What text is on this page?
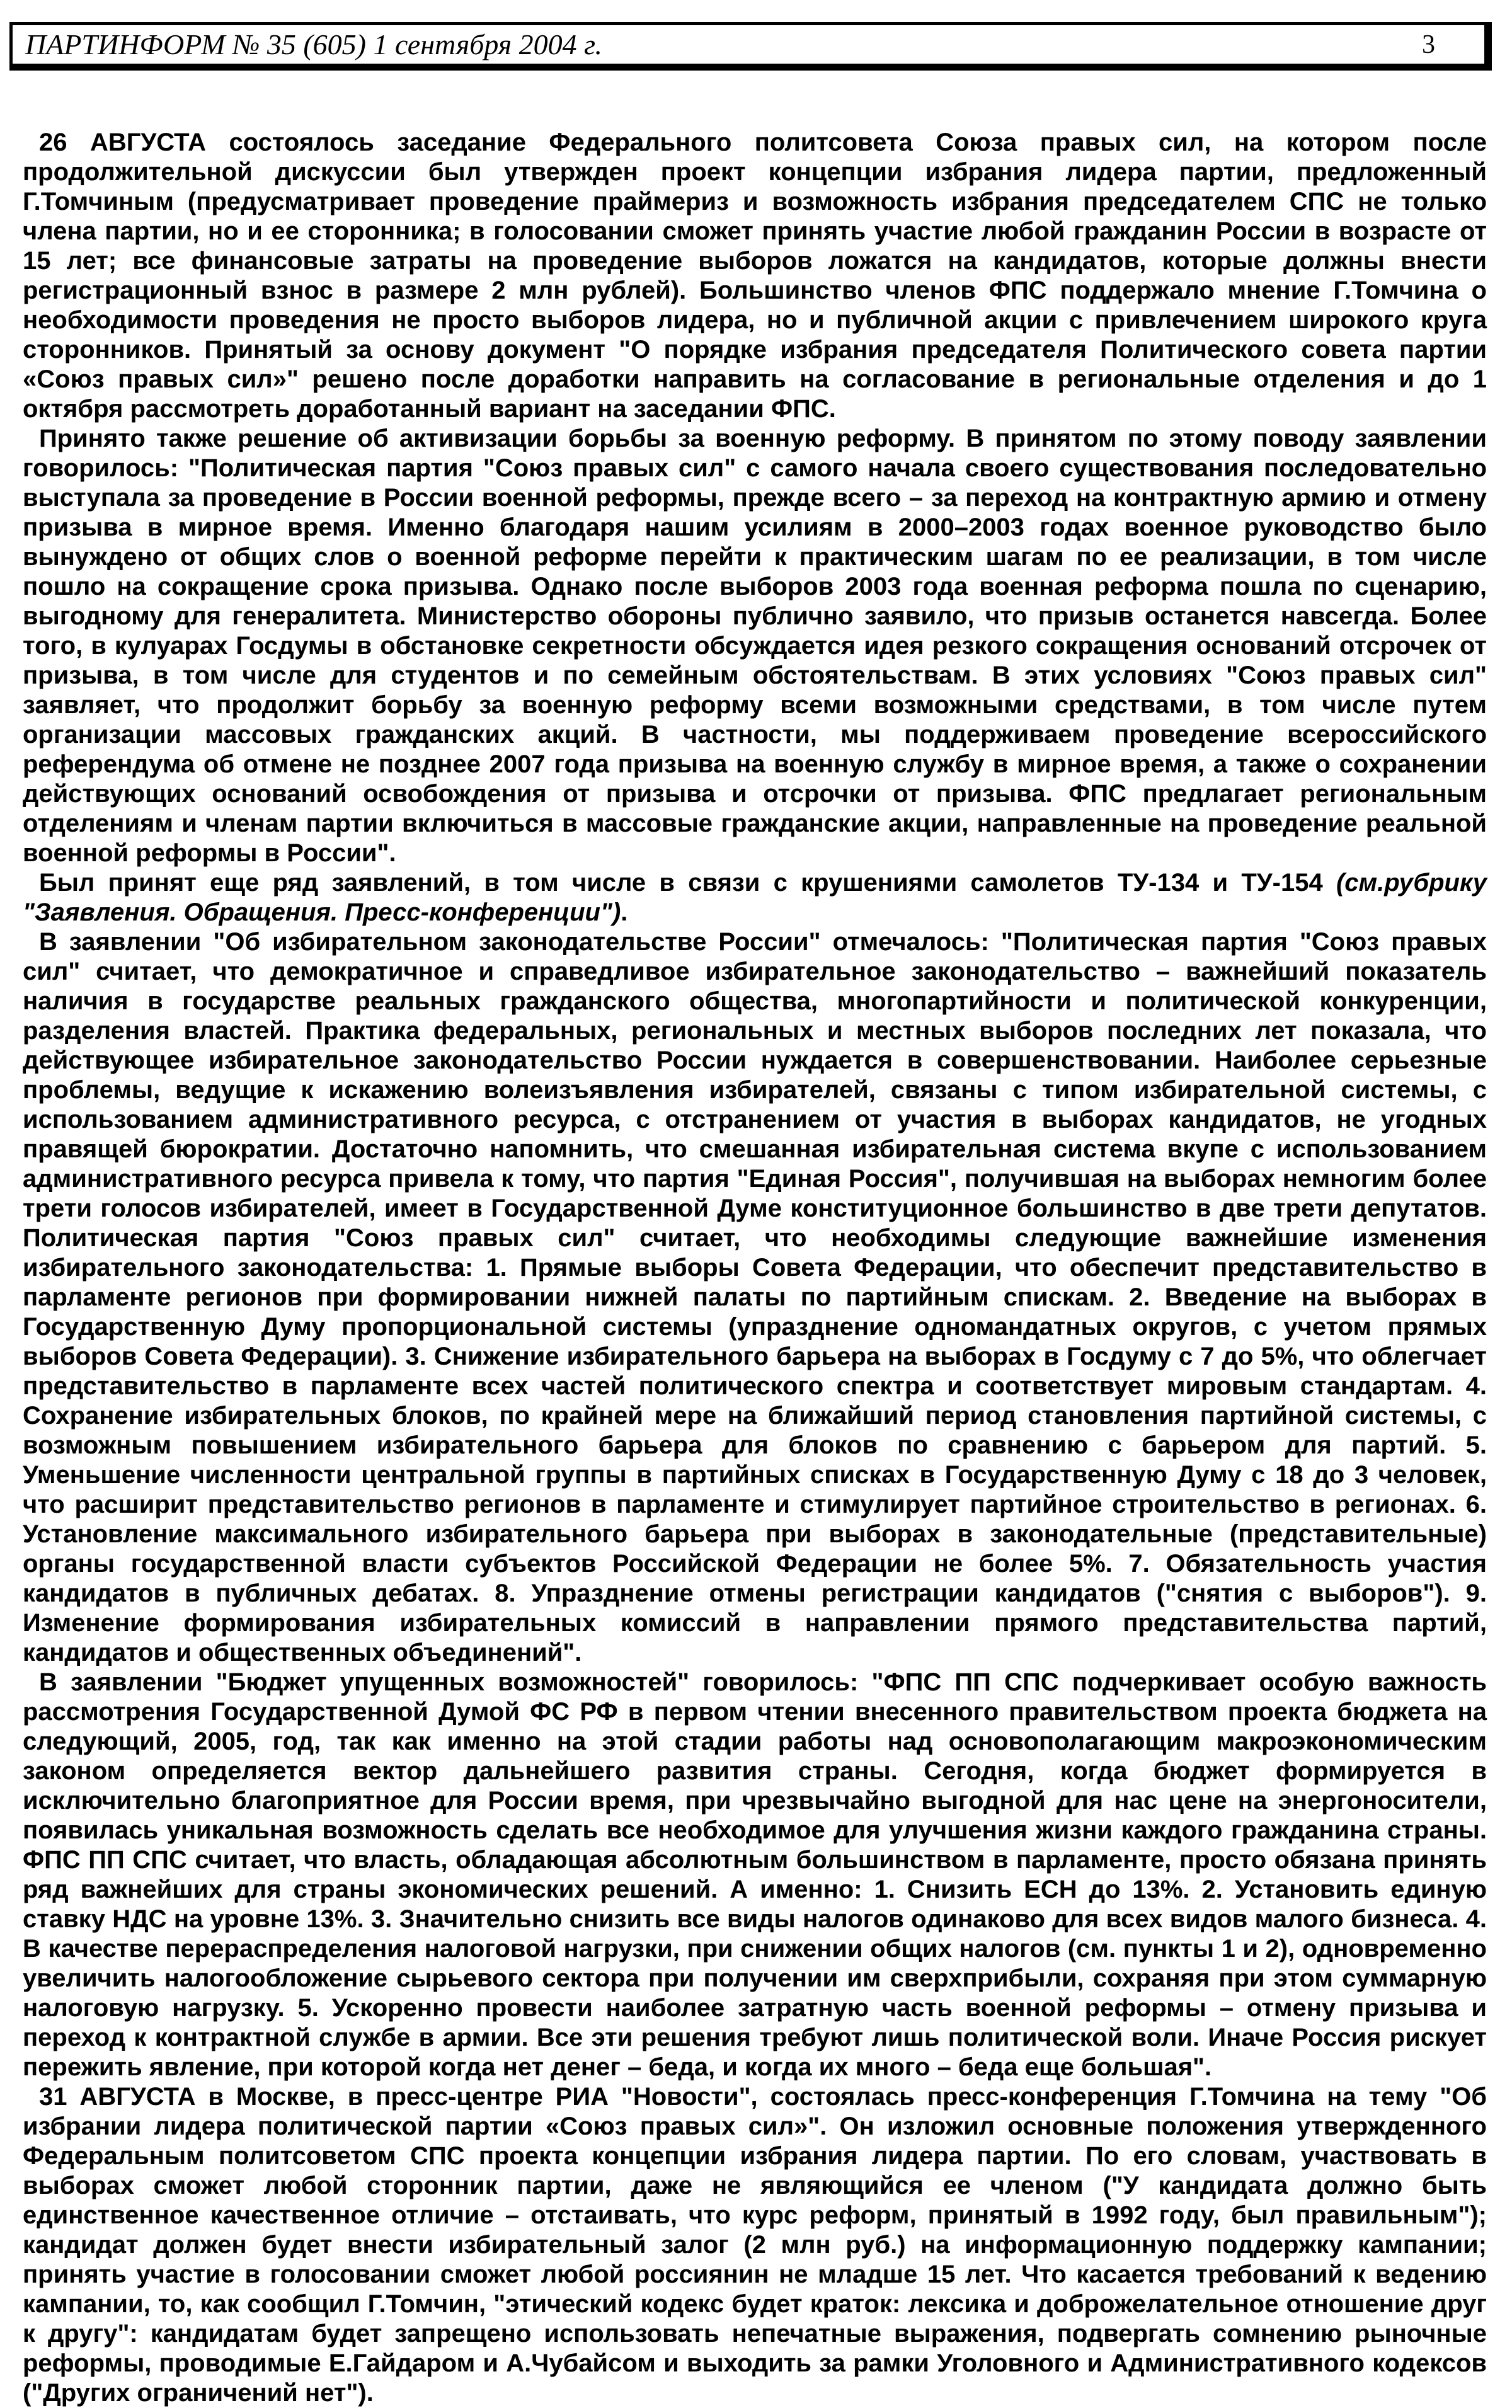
ПАРТИНФОРМ № 35 (605) 1 сентября 2004 г.	3

26 АВГУСТА состоялось заседание Федерального политсовета Союза правых сил, на котором после продолжительной дискуссии был утвержден проект концепции избрания лидера партии, предложенный Г.Томчиным (предусматривает проведение праймериз и возможность избрания председателем СПС не только члена партии, но и ее сторонника; в голосовании сможет принять участие любой гражданин России в возрасте от 15 лет; все финансовые затраты на проведение выборов ложатся на кандидатов, которые должны внести регистрационный взнос в размере 2 млн рублей). Большинство членов ФПС поддержало мнение Г.Томчина о необходимости проведения не просто выборов лидера, но и публичной акции с привлечением широкого круга сторонников. Принятый за основу документ "О порядке избрания председателя Политического совета партии «Союз правых сил»" решено после доработки направить на согласование в региональные отделения и до 1 октября рассмотреть доработанный вариант на заседании ФПС.

Принято также решение об активизации борьбы за военную реформу. В принятом по этому поводу заявлении говорилось: "Политическая партия "Союз правых сил" с самого начала своего существования последовательно выступала за проведение в России военной реформы, прежде всего – за переход на контрактную армию и отмену призыва в мирное время. Именно благодаря нашим усилиям в 2000–2003 годах военное руководство было вынуждено от общих слов о военной реформе перейти к практическим шагам по ее реализации, в том числе пошло на сокращение срока призыва. Однако после выборов 2003 года военная реформа пошла по сценарию, выгодному для генералитета. Министерство обороны публично заявило, что призыв останется навсегда. Более того, в кулуарах Госдумы в обстановке секретности обсуждается идея резкого сокращения оснований отсрочек от призыва, в том числе для студентов и по семейным обстоятельствам. В этих условиях "Союз правых сил" заявляет, что продолжит борьбу за военную реформу всеми возможными средствами, в том числе путем организации массовых гражданских акций. В частности, мы поддерживаем проведение всероссийского референдума об отмене не позднее 2007 года призыва на военную службу в мирное время, а также о сохранении действующих оснований освобождения от призыва и отсрочки от призыва. ФПС предлагает региональным отделениям и членам партии включиться в массовые гражданские акции, направленные на проведение реальной военной реформы в России".

Был принят еще ряд заявлений, в том числе в связи с крушениями самолетов ТУ-134 и ТУ-154 (см.рубрику "Заявления. Обращения. Пресс-конференции").

В заявлении "Об избирательном законодательстве России" отмечалось: "Политическая партия "Союз правых сил" считает, что демократичное и справедливое избирательное законодательство – важнейший показатель наличия в государстве реальных гражданского общества, многопартийности и политической конкуренции, разделения властей. Практика федеральных, региональных и местных выборов последних лет показала, что действующее избирательное законодательство России нуждается в совершенствовании. Наиболее серьезные проблемы, ведущие к искажению волеизъявления избирателей, связаны с типом избирательной системы, с использованием административного ресурса, с отстранением от участия в выборах кандидатов, не угодных правящей бюрократии. Достаточно напомнить, что смешанная избирательная система вкупе с использованием административного ресурса привела к тому, что партия "Единая Россия", получившая на выборах немногим более трети голосов избирателей, имеет в Государственной Думе конституционное большинство в две трети депутатов. Политическая партия "Союз правых сил" считает, что необходимы следующие важнейшие изменения избирательного законодательства: 1. Прямые выборы Совета Федерации, что обеспечит представительство в парламенте регионов при формировании нижней палаты по партийным спискам. 2. Введение на выборах в Государственную Думу пропорциональной системы (упразднение одномандатных округов, с учетом прямых выборов Совета Федерации). 3. Снижение избирательного барьера на выборах в Госдуму с 7 до 5%, что облегчает представительство в парламенте всех частей политического спектра и соответствует мировым стандартам. 4. Сохранение избирательных блоков, по крайней мере на ближайший период становления партийной системы, с возможным повышением избирательного барьера для блоков по сравнению с барьером для партий. 5. Уменьшение численности центральной группы в партийных списках в Государственную Думу с 18 до 3 человек, что расширит представительство регионов в парламенте и стимулирует партийное строительство в регионах. 6. Установление максимального избирательного барьера при выборах в законодательные (представительные) органы государственной власти субъектов Российской Федерации не более 5%. 7. Обязательность участия кандидатов в публичных дебатах. 8. Упразднение отмены регистрации кандидатов ("снятия с выборов"). 9. Изменение формирования избирательных комиссий в направлении прямого представительства партий, кандидатов и общественных объединений".

В заявлении "Бюджет упущенных возможностей" говорилось: "ФПС ПП СПС подчеркивает особую важность рассмотрения Государственной Думой ФС РФ в первом чтении внесенного правительством проекта бюджета на следующий, 2005, год, так как именно на этой стадии работы над основополагающим макроэкономическим законом определяется вектор дальнейшего развития страны. Сегодня, когда бюджет формируется в исключительно благоприятное для России время, при чрезвычайно выгодной для нас цене на энергоносители, появилась уникальная возможность сделать все необходимое для улучшения жизни каждого гражданина страны. ФПС ПП СПС считает, что власть, обладающая абсолютным большинством в парламенте, просто обязана принять ряд важнейших для страны экономических решений. А именно: 1. Снизить ЕСН до 13%. 2. Установить единую ставку НДС на уровне 13%. 3. Значительно снизить все виды налогов одинаково для всех видов малого бизнеса. 4. В качестве перераспределения налоговой нагрузки, при снижении общих налогов (см. пункты 1 и 2), одновременно увеличить налогообложение сырьевого сектора при получении им сверхприбыли, сохраняя при этом суммарную налоговую нагрузку. 5. Ускоренно провести наиболее затратную часть военной реформы – отмену призыва и переход к контрактной службе в армии. Все эти решения требуют лишь политической воли. Иначе Россия рискует пережить явление, при которой когда нет денег – беда, и когда их много – беда еще большая".

31 АВГУСТА в Москве, в пресс-центре РИА "Новости", состоялась пресс-конференция Г.Томчина на тему "Об избрании лидера политической партии «Союз правых сил»". Он изложил основные положения утвержденного Федеральным политсоветом СПС проекта концепции избрания лидера партии. По его словам, участвовать в выборах сможет любой сторонник партии, даже не являющийся ее членом ("У кандидата должно быть единственное качественное отличие – отстаивать, что курс реформ, принятый в 1992 году, был правильным"); кандидат должен будет внести избирательный залог (2 млн руб.) на информационную поддержку кампании; принять участие в голосовании сможет любой россиянин не младше 15 лет. Что касается требований к ведению кампании, то, как сообщил Г.Томчин, "этический кодекс будет краток: лексика и доброжелательное отношение друг к другу": кандидатам будет запрещено использовать непечатные выражения, подвергать сомнению рыночные реформы, проводимые Е.Гайдаром и А.Чубайсом и выходить за рамки Уголовного и Административного кодексов ("Других ограничений нет").
